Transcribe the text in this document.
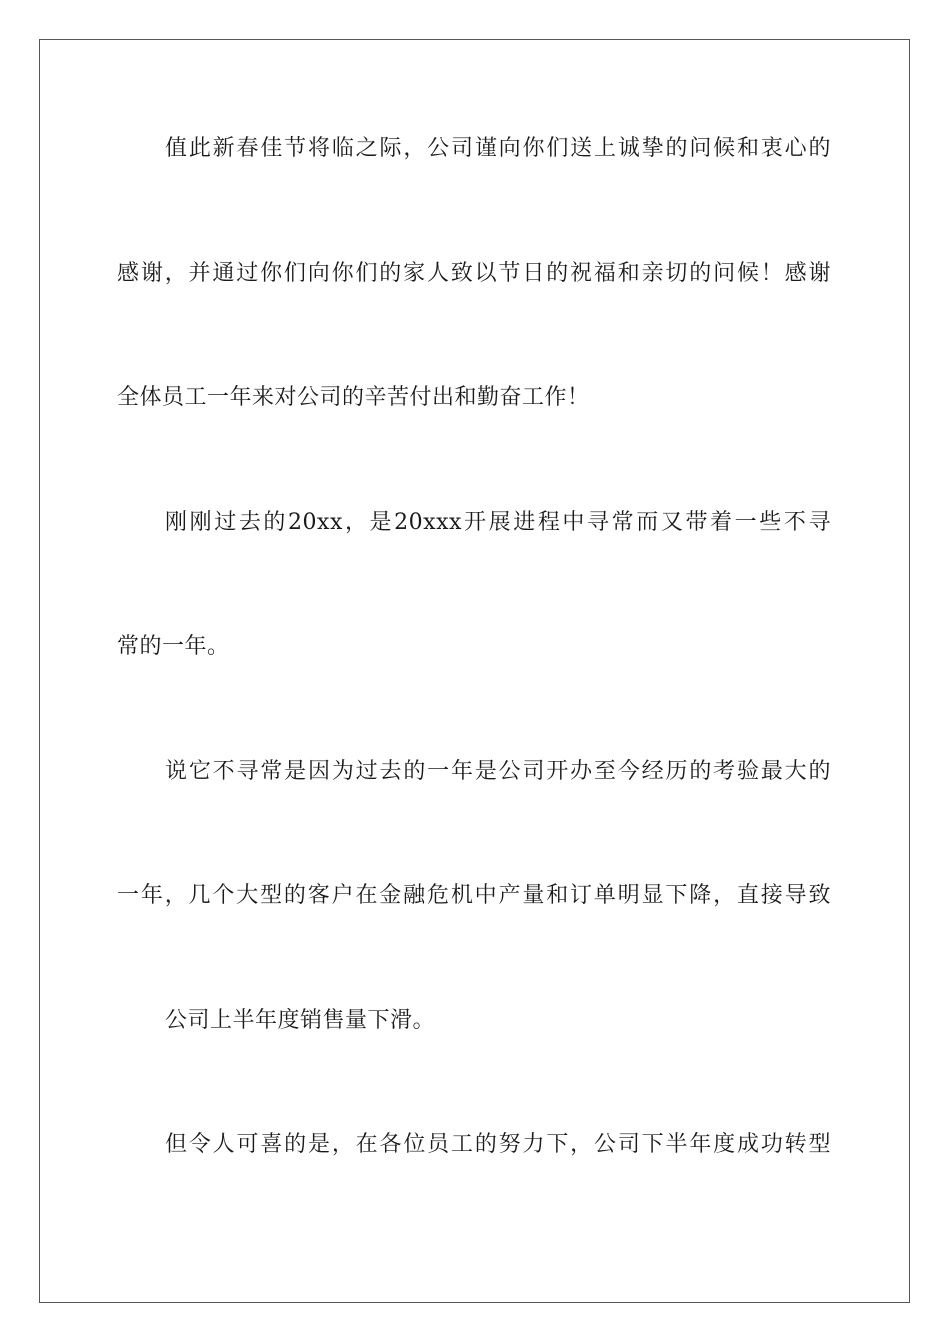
值此新春佳节将临之际，公司谨向你们送上诚挚的问候和衷心的
感谢，并通过你们向你们的家人致以节日的祝福和亲切的问候！感谢
全体员工一年来对公司的辛苦付出和勤奋工作！
刚刚过去的20xx，是20xxx开展进程中寻常而又带着一些不寻
常的一年。
说它不寻常是因为过去的一年是公司开办至今经历的考验最大的
一年，几个大型的客户在金融危机中产量和订单明显下降，直接导致
公司上半年度销售量下滑。
但令人可喜的是，在各位员工的努力下，公司下半年度成功转型
